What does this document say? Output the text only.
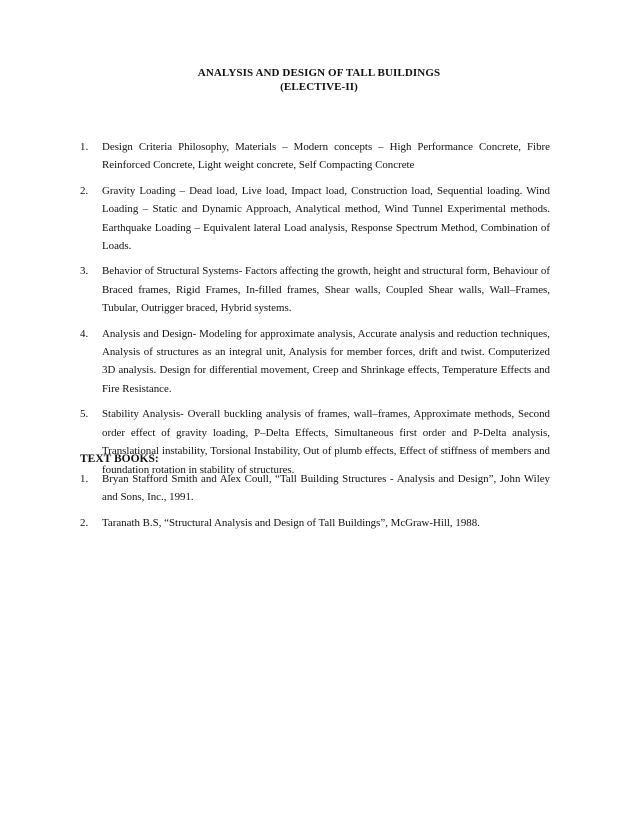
ANALYSIS AND DESIGN OF TALL BUILDINGS
(ELECTIVE-II)
1. Design Criteria Philosophy, Materials – Modern concepts – High Performance Concrete, Fibre Reinforced Concrete, Light weight concrete, Self Compacting Concrete
2. Gravity Loading – Dead load, Live load, Impact load, Construction load, Sequential loading. Wind Loading – Static and Dynamic Approach, Analytical method, Wind Tunnel Experimental methods. Earthquake Loading – Equivalent lateral Load analysis, Response Spectrum Method, Combination of Loads.
3. Behavior of Structural Systems- Factors affecting the growth, height and structural form, Behaviour of Braced frames, Rigid Frames, In-filled frames, Shear walls, Coupled Shear walls, Wall–Frames, Tubular, Outrigger braced, Hybrid systems.
4. Analysis and Design- Modeling for approximate analysis, Accurate analysis and reduction techniques, Analysis of structures as an integral unit, Analysis for member forces, drift and twist. Computerized 3D analysis. Design for differential movement, Creep and Shrinkage effects, Temperature Effects and Fire Resistance.
5. Stability Analysis- Overall buckling analysis of frames, wall–frames, Approximate methods, Second order effect of gravity loading, P–Delta Effects, Simultaneous first order and P-Delta analysis, Translational instability, Torsional Instability, Out of plumb effects, Effect of stiffness of members and foundation rotation in stability of structures.
TEXT BOOKS:
1. Bryan Stafford Smith and Alex Coull, “Tall Building Structures - Analysis and Design”, John Wiley and Sons, Inc., 1991.
2. Taranath B.S, “Structural Analysis and Design of Tall Buildings”, McGraw-Hill, 1988.
